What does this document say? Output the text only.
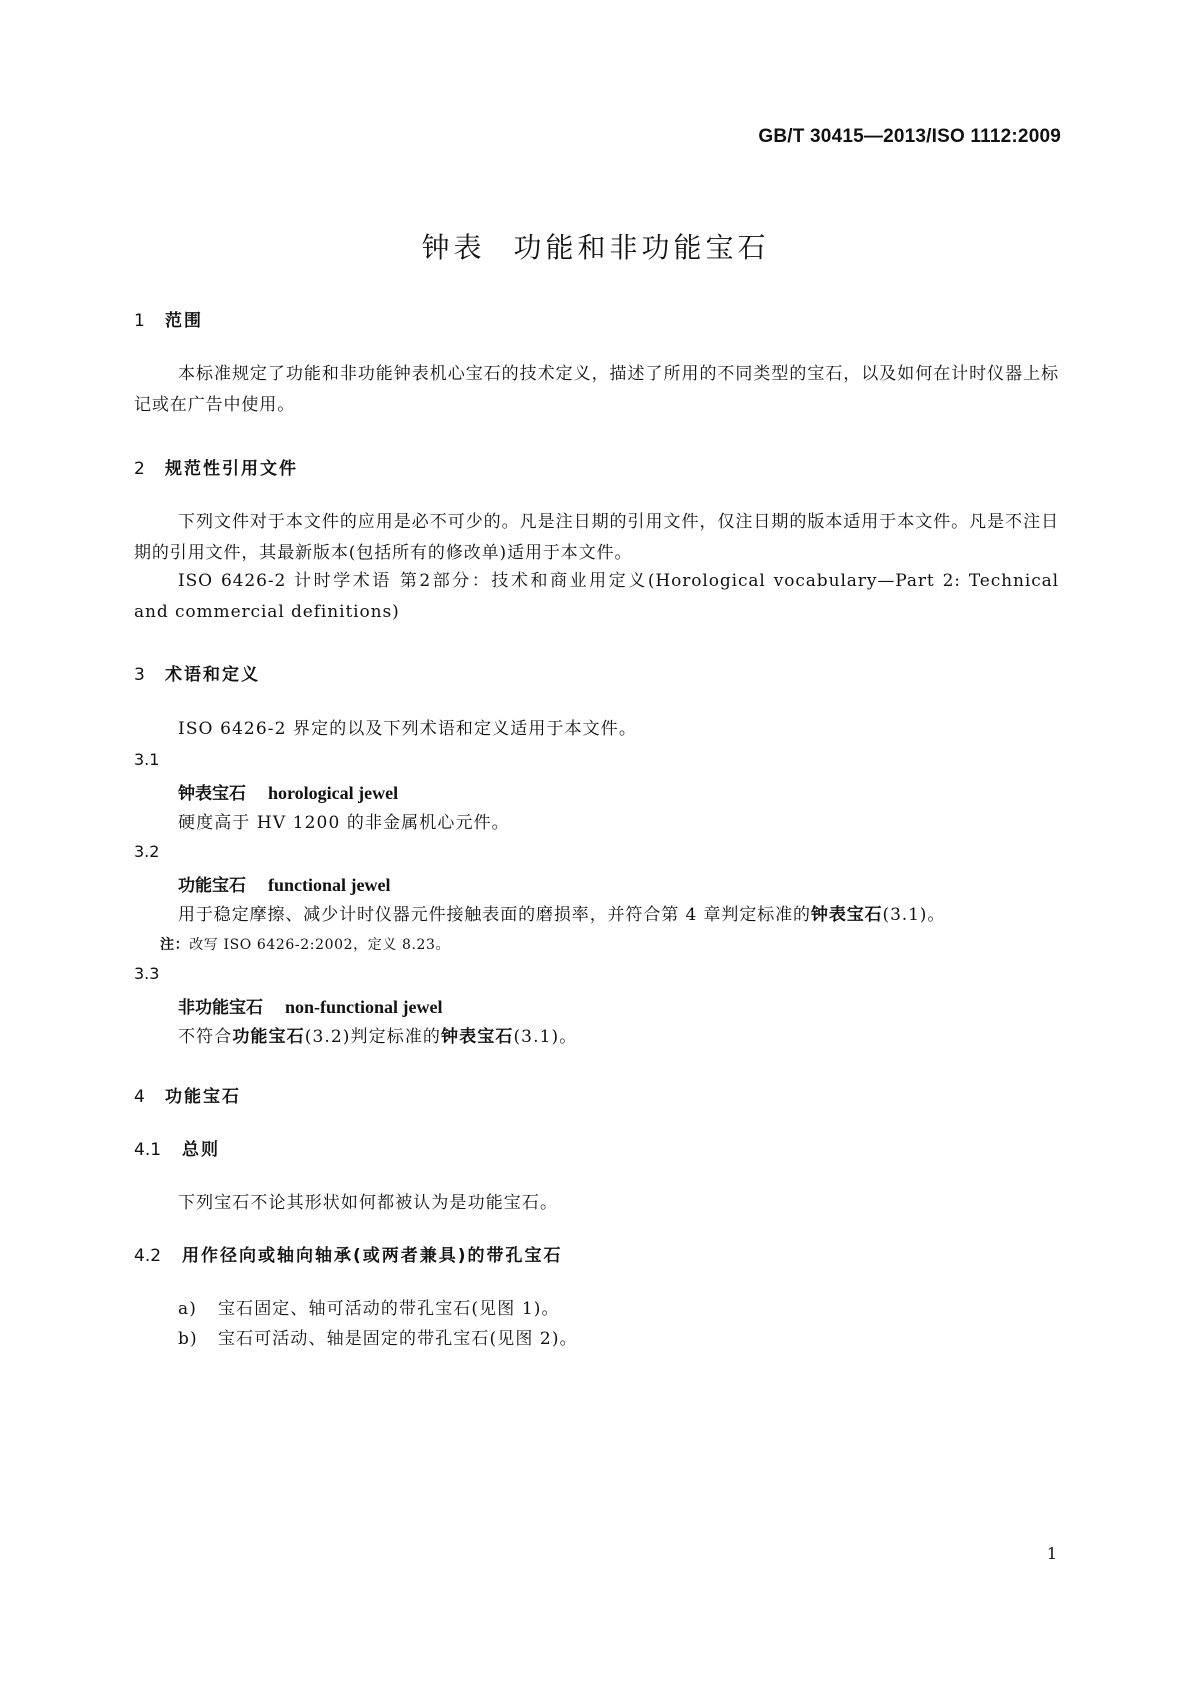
GB/T 30415—2013/ISO 1112:2009
钟表 功能和非功能宝石
1 范围
本标准规定了功能和非功能钟表机心宝石的技术定义，描述了所用的不同类型的宝石，以及如何在计时仪器上标记或在广告中使用。
2 规范性引用文件
下列文件对于本文件的应用是必不可少的。凡是注日期的引用文件，仅注日期的版本适用于本文件。凡是不注日期的引用文件，其最新版本(包括所有的修改单)适用于本文件。
ISO 6426-2 计时学术语 第2部分：技术和商业用定义(Horological vocabulary—Part 2: Technical and commercial definitions)
3 术语和定义
ISO 6426-2 界定的以及下列术语和定义适用于本文件。
3.1
钟表宝石 horological jewel
硬度高于 HV 1200 的非金属机心元件。
3.2
功能宝石 functional jewel
用于稳定摩擦、减少计时仪器元件接触表面的磨损率，并符合第 4 章判定标准的钟表宝石(3.1)。
注：改写 ISO 6426-2:2002，定义 8.23。
3.3
非功能宝石 non-functional jewel
不符合功能宝石(3.2)判定标准的钟表宝石(3.1)。
4 功能宝石
4.1 总则
下列宝石不论其形状如何都被认为是功能宝石。
4.2 用作径向或轴向轴承(或两者兼具)的带孔宝石
a) 宝石固定、轴可活动的带孔宝石(见图 1)。
b) 宝石可活动、轴是固定的带孔宝石(见图 2)。
1
